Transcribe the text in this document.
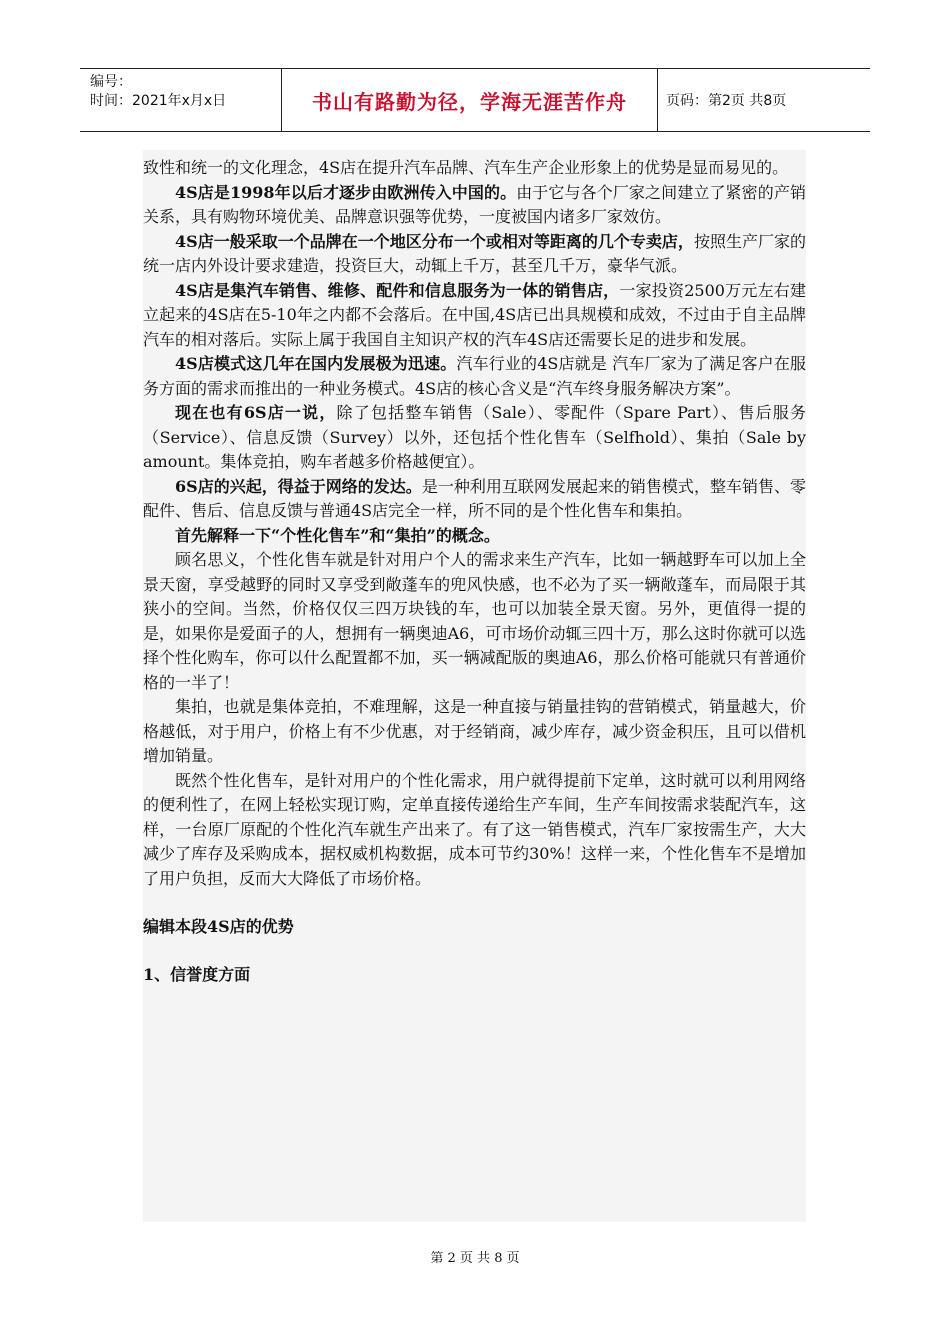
编号：
时间：2021年x月x日	书山有路勤为径，学海无涯苦作舟	页码：第2页 共8页

致性和统一的文化理念，4S店在提升汽车品牌、汽车生产企业形象上的优势是显而易见的。

4S店是1998年以后才逐步由欧洲传入中国的。由于它与各个厂家之间建立了紧密的产销关系，具有购物环境优美、品牌意识强等优势，一度被国内诸多厂家效仿。

4S店一般采取一个品牌在一个地区分布一个或相对等距离的几个专卖店，按照生产厂家的统一店内外设计要求建造，投资巨大，动辄上千万，甚至几千万，豪华气派。

4S店是集汽车销售、维修、配件和信息服务为一体的销售店，一家投资2500万元左右建立起来的4S店在5-10年之内都不会落后。在中国,4S店已出具规模和成效，不过由于自主品牌汽车的相对落后。实际上属于我国自主知识产权的汽车4S店还需要长足的进步和发展。

4S店模式这几年在国内发展极为迅速。汽车行业的4S店就是 汽车厂家为了满足客户在服务方面的需求而推出的一种业务模式。4S店的核心含义是“汽车终身服务解决方案”。

现在也有6S店一说，除了包括整车销售（Sale）、零配件（Spare Part）、售后服务（Service）、信息反馈（Survey）以外，还包括个性化售车（Selfhold）、集拍（Sale by amount。集体竞拍，购车者越多价格越便宜）。

6S店的兴起，得益于网络的发达。是一种利用互联网发展起来的销售模式，整车销售、零配件、售后、信息反馈与普通4S店完全一样，所不同的是个性化售车和集拍。

首先解释一下“个性化售车”和“集拍”的概念。

顾名思义，个性化售车就是针对用户个人的需求来生产汽车，比如一辆越野车可以加上全景天窗，享受越野的同时又享受到敞蓬车的兜风快感，也不必为了买一辆敞蓬车，而局限于其狭小的空间。当然，价格仅仅三四万块钱的车，也可以加装全景天窗。另外，更值得一提的是，如果你是爱面子的人，想拥有一辆奥迪A6，可市场价动辄三四十万，那么这时你就可以选择个性化购车，你可以什么配置都不加，买一辆减配版的奥迪A6，那么价格可能就只有普通价格的一半了！

集拍，也就是集体竞拍，不难理解，这是一种直接与销量挂钩的营销模式，销量越大，价格越低，对于用户，价格上有不少优惠，对于经销商，减少库存，减少资金积压，且可以借机增加销量。

既然个性化售车，是针对用户的个性化需求，用户就得提前下定单，这时就可以利用网络的便利性了，在网上轻松实现订购，定单直接传递给生产车间，生产车间按需求装配汽车，这样，一台原厂原配的个性化汽车就生产出来了。有了这一销售模式，汽车厂家按需生产，大大减少了库存及采购成本，据权威机构数据，成本可节约30%！这样一来，个性化售车不是增加了用户负担，反而大大降低了市场价格。

编辑本段4S店的优势

1、信誉度方面

第 2 页 共 8 页
